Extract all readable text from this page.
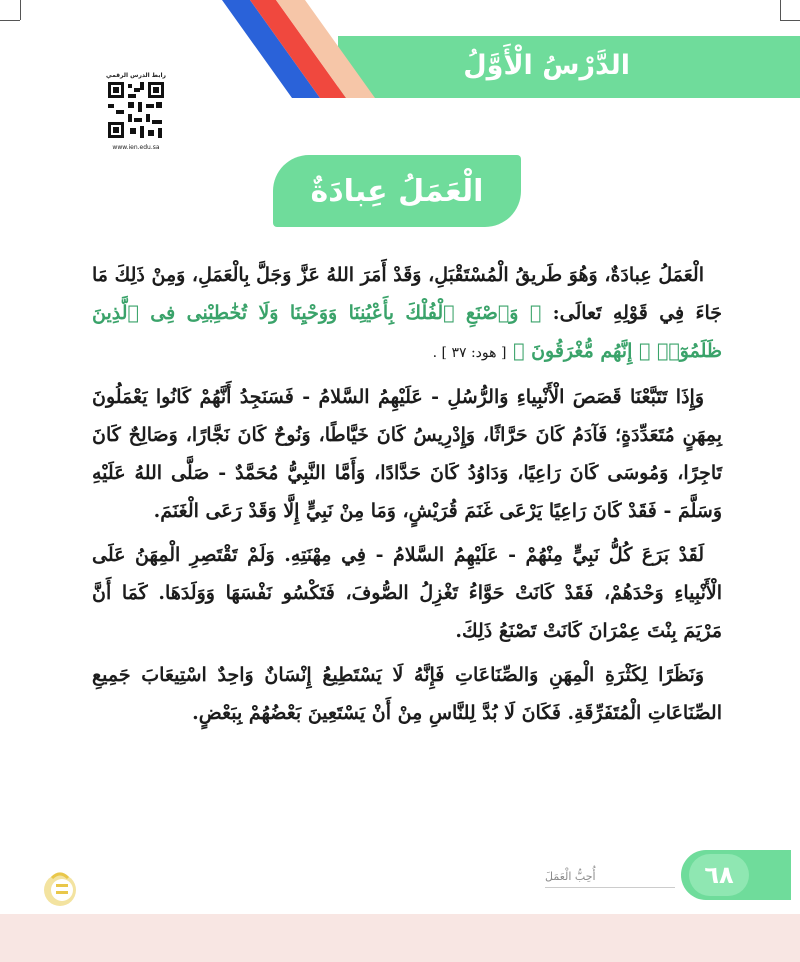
الدَّرْسُ الْأَوَّلُ
رابط الدرس الرقمي
www.ien.edu.sa
الْعَمَلُ عِبادَةٌ

الْعَمَلُ عِبادَةٌ، وَهُوَ طَريقُ الْمُسْتَقْبَلِ، وَقَدْ أَمَرَ اللهُ عَزَّ وَجَلَّ بِالْعَمَلِ، وَمِنْ ذَلِكَ مَا جَاءَ فِي قَوْلِهِ تَعالَى: ﴿ وَٱصْنَعِ ٱلْفُلْكَ بِأَعْيُنِنَا وَوَحْيِنَا وَلَا تُخَٰطِبْنِى فِى ٱلَّذِينَ ظَلَمُوٓا۟ ۚ إِنَّهُم مُّغْرَقُونَ ﴾ [ هود: ٣٧ ] .

وَإِذَا تَتَبَّعْنَا قَصَصَ الْأَنْبِياءِ وَالرُّسُلِ - عَلَيْهِمُ السَّلامُ - فَسَنَجِدُ أَنَّهُمْ كَانُوا يَعْمَلُونَ بِمِهَنٍ مُتَعَدِّدَةٍ؛ فَآدَمُ كَانَ حَرَّاثًا، وَإِدْرِيسُ كَانَ خَيَّاطًا، وَنُوحٌ كَانَ نَجَّارًا، وَصَالِحٌ كَانَ تَاجِرًا، وَمُوسَى كَانَ رَاعِيًا، وَدَاوُدُ كَانَ حَدَّادًا، وَأَمَّا النَّبِيُّ مُحَمَّدٌ - صَلَّى اللهُ عَلَيْهِ وَسَلَّمَ - فَقَدْ كَانَ رَاعِيًا يَرْعَى غَنَمَ قُرَيْشٍ، وَمَا مِنْ نَبِيٍّ إِلَّا وَقَدْ رَعَى الْغَنَمَ.

لَقَدْ بَرَعَ كُلُّ نَبِيٍّ مِنْهُمْ - عَلَيْهِمُ السَّلامُ - فِي مِهْنَتِهِ. وَلَمْ تَقْتَصِرِ الْمِهَنُ عَلَى الْأَنْبِياءِ وَحْدَهُمْ، فَقَدْ كَانَتْ حَوَّاءُ تَغْزِلُ الصُّوفَ، فَتَكْسُو نَفْسَهَا وَوَلَدَهَا. كَمَا أَنَّ مَرْيَمَ بِنْتَ عِمْرَانَ كَانَتْ تَصْنَعُ ذَلِكَ.

وَنَظَرًا لِكَثْرَةِ الْمِهَنِ وَالصِّنَاعَاتِ فَإِنَّهُ لَا يَسْتَطِيعُ إِنْسَانٌ وَاحِدٌ اسْتِيعَابَ جَمِيعِ الصِّنَاعَاتِ الْمُتَفَرِّقَةِ. فَكَانَ لَا بُدَّ لِلنَّاسِ مِنْ أَنْ يَسْتَعِينَ بَعْضُهُمْ بِبَعْضٍ.

٦٨
أُحِبُّ الْعَمَلَ
